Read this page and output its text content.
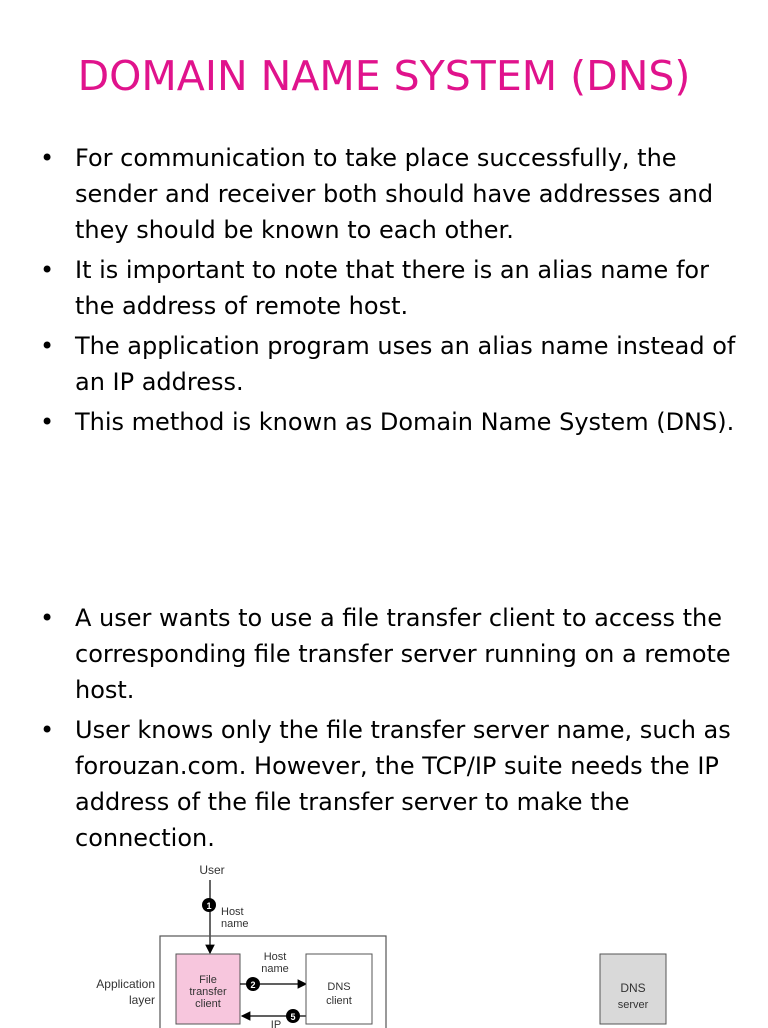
DOMAIN NAME SYSTEM (DNS)
• For communication to take place successfully, the sender and receiver both should have addresses and they should be known to each other.
• It is important to note that there is an alias name for the address of remote host.
• The application program uses an alias name instead of an IP address.
• This method is known as Domain Name System (DNS).
• A user wants to use a file transfer client to access the corresponding file transfer server running on a remote host.
• User knows only the file transfer server name, such as forouzan.com. However, the TCP/IP suite needs the IP address of the file transfer server to make the connection.
User
1 Host
name
Application
layer
File
transfer
client
2
Host
name
5
IP
DNS
client
DNS
server
